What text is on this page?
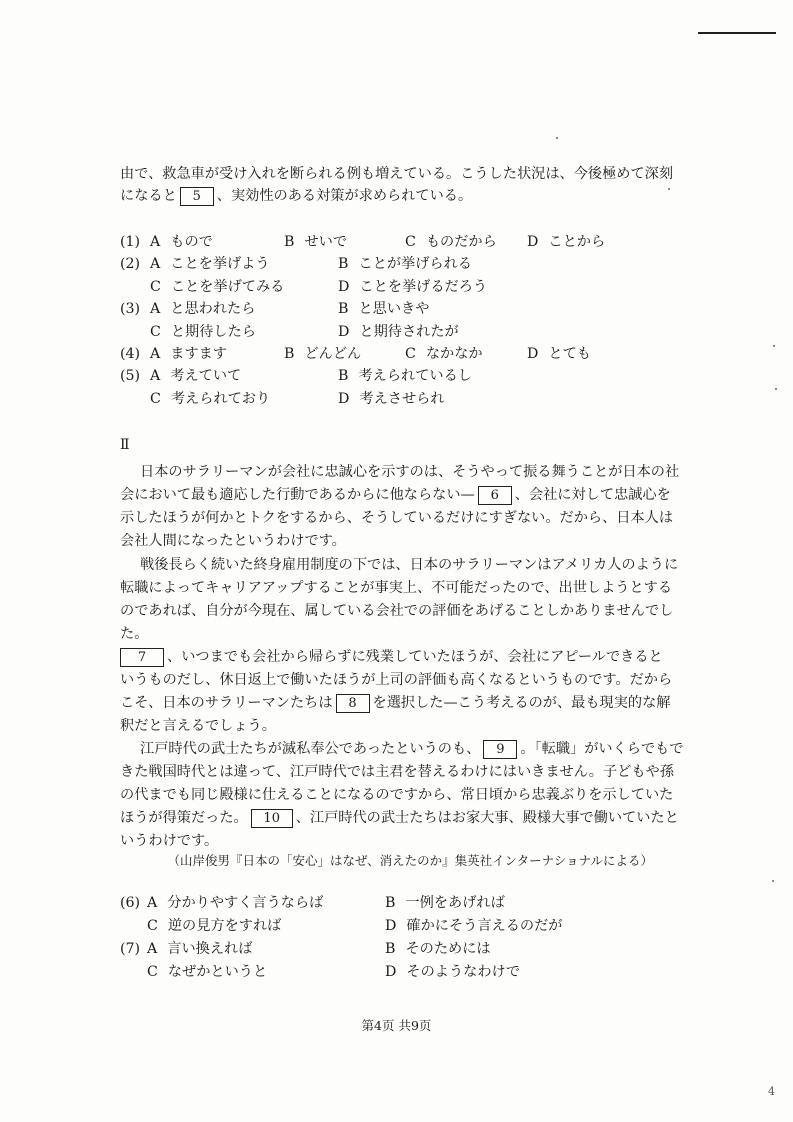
由で、救急車が受け入れを断られる例も増えている。こうした状況は、今後極めて深刻
になると 5 、実効性のある対策が求められている。
(1) A もので	B せいで	C ものだから D ことから
(2) A ことを挙げよう	B ことが挙げられる
C ことを挙げてみる	D ことを挙げるだろう
(3) A と思われたら	B と思いきや
C と期待したら	D と期待されたが
(4) A ますます	B どんどん	C なかなか	D とても
(5) A 考えていて	B 考えられているし
C 考えられており	D 考えさせられ
Ⅱ
日本のサラリーマンが会社に忠誠心を示すのは、そうやって振る舞うことが日本の社
会において最も適応した行動であるからに他ならない— 6 、会社に対して忠誠心を
示したほうが何かとトクをするから、そうしているだけにすぎない。だから、日本人は
会社人間になったというわけです。
戦後長らく続いた終身雇用制度の下では、日本のサラリーマンはアメリカ人のように
転職によってキャリアアップすることが事実上、不可能だったので、出世しようとする
のであれば、自分が今現在、属している会社での評価をあげることしかありませんでし
た。
7 、いつまでも会社から帰らずに残業していたほうが、会社にアピールできると
いうものだし、休日返上で働いたほうが上司の評価も高くなるというものです。だから
こそ、日本のサラリーマンたちは 8 を選択した—こう考えるのが、最も現実的な解
釈だと言えるでしょう。
江戸時代の武士たちが滅私奉公であったというのも、 9 。「転職」がいくらでもで
きた戦国時代とは違って、江戸時代では主君を替えるわけにはいきません。子どもや孫
の代までも同じ殿様に仕えることになるのですから、常日頃から忠義ぶりを示していた
ほうが得策だった。 10 、江戸時代の武士たちはお家大事、殿様大事で働いていたと
いうわけです。
（山岸俊男『日本の「安心」はなぜ、消えたのか』集英社インターナショナルによる）
(6) A 分かりやすく言うならば	B 一例をあげれば
C 逆の見方をすれば	D 確かにそう言えるのだが
(7) A 言い換えれば	B そのためには
C なぜかというと	D そのようなわけで
第4页 共9页
4
